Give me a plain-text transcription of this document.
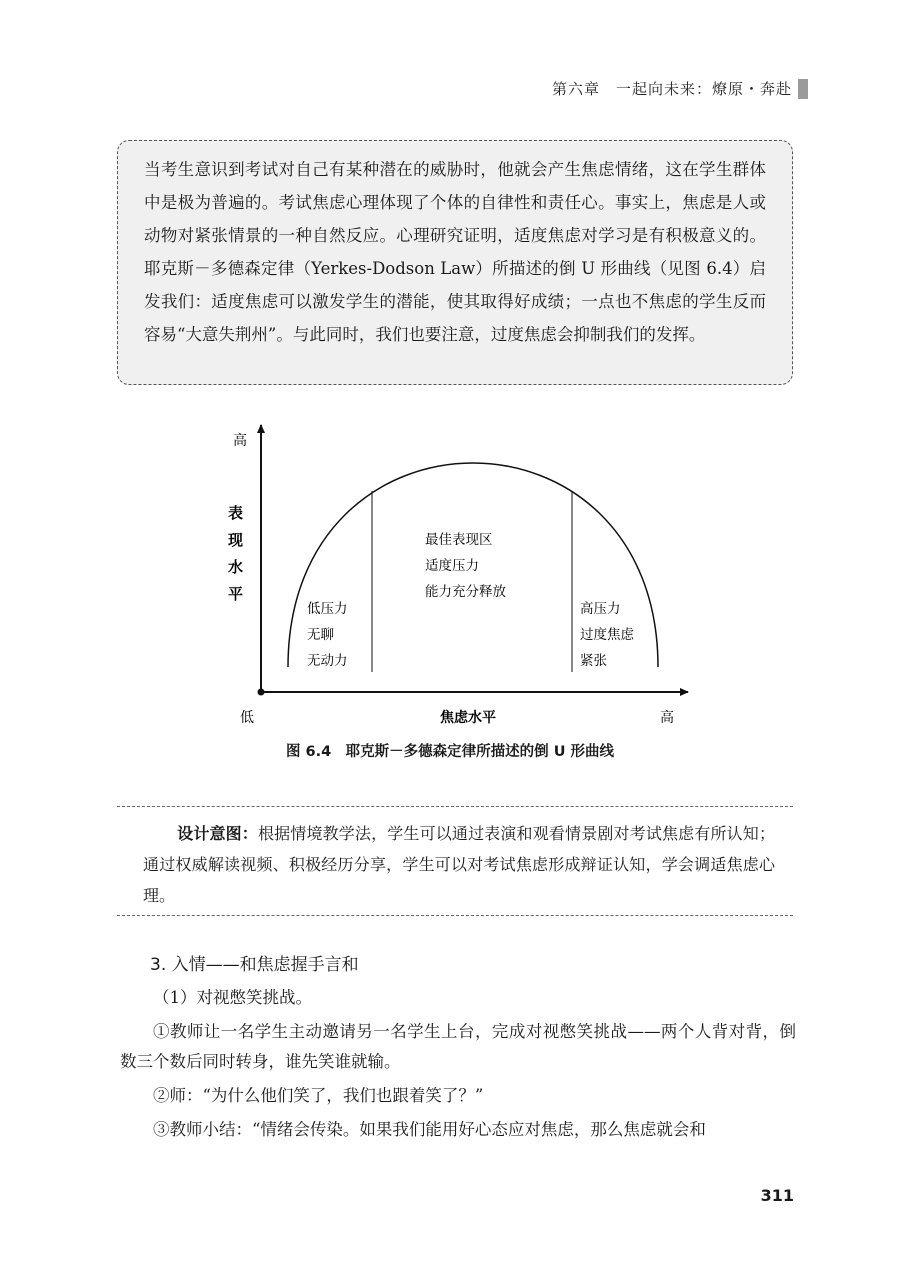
第六章　一起向未来：燎原・奔赴

当考生意识到考试对自己有某种潜在的威胁时，他就会产生焦虑情绪，这在学生群体中是极为普遍的。考试焦虑心理体现了个体的自律性和责任心。事实上，焦虑是人或动物对紧张情景的一种自然反应。心理研究证明，适度焦虑对学习是有积极意义的。耶克斯－多德森定律（Yerkes-Dodson Law）所描述的倒 U 形曲线（见图 6.4）启发我们：适度焦虑可以激发学生的潜能，使其取得好成绩；一点也不焦虑的学生反而容易“大意失荆州”。与此同时，我们也要注意，过度焦虑会抑制我们的发挥。

高
表
现
水
平
低	焦虑水平	高
低压力
无聊
无动力
最佳表现区
适度压力
能力充分释放
高压力
过度焦虑
紧张
图 6.4　耶克斯－多德森定律所描述的倒 U 形曲线
设计意图：根据情境教学法，学生可以通过表演和观看情景剧对考试焦虑有所认知；通过权威解读视频、积极经历分享，学生可以对考试焦虑形成辩证认知，学会调适焦虑心理。
3. 入情——和焦虑握手言和

（1）对视憋笑挑战。

①教师让一名学生主动邀请另一名学生上台，完成对视憋笑挑战——两个人背对背，倒数三个数后同时转身，谁先笑谁就输。

②师：“为什么他们笑了，我们也跟着笑了？”

③教师小结：“情绪会传染。如果我们能用好心态应对焦虑，那么焦虑就会和

311
